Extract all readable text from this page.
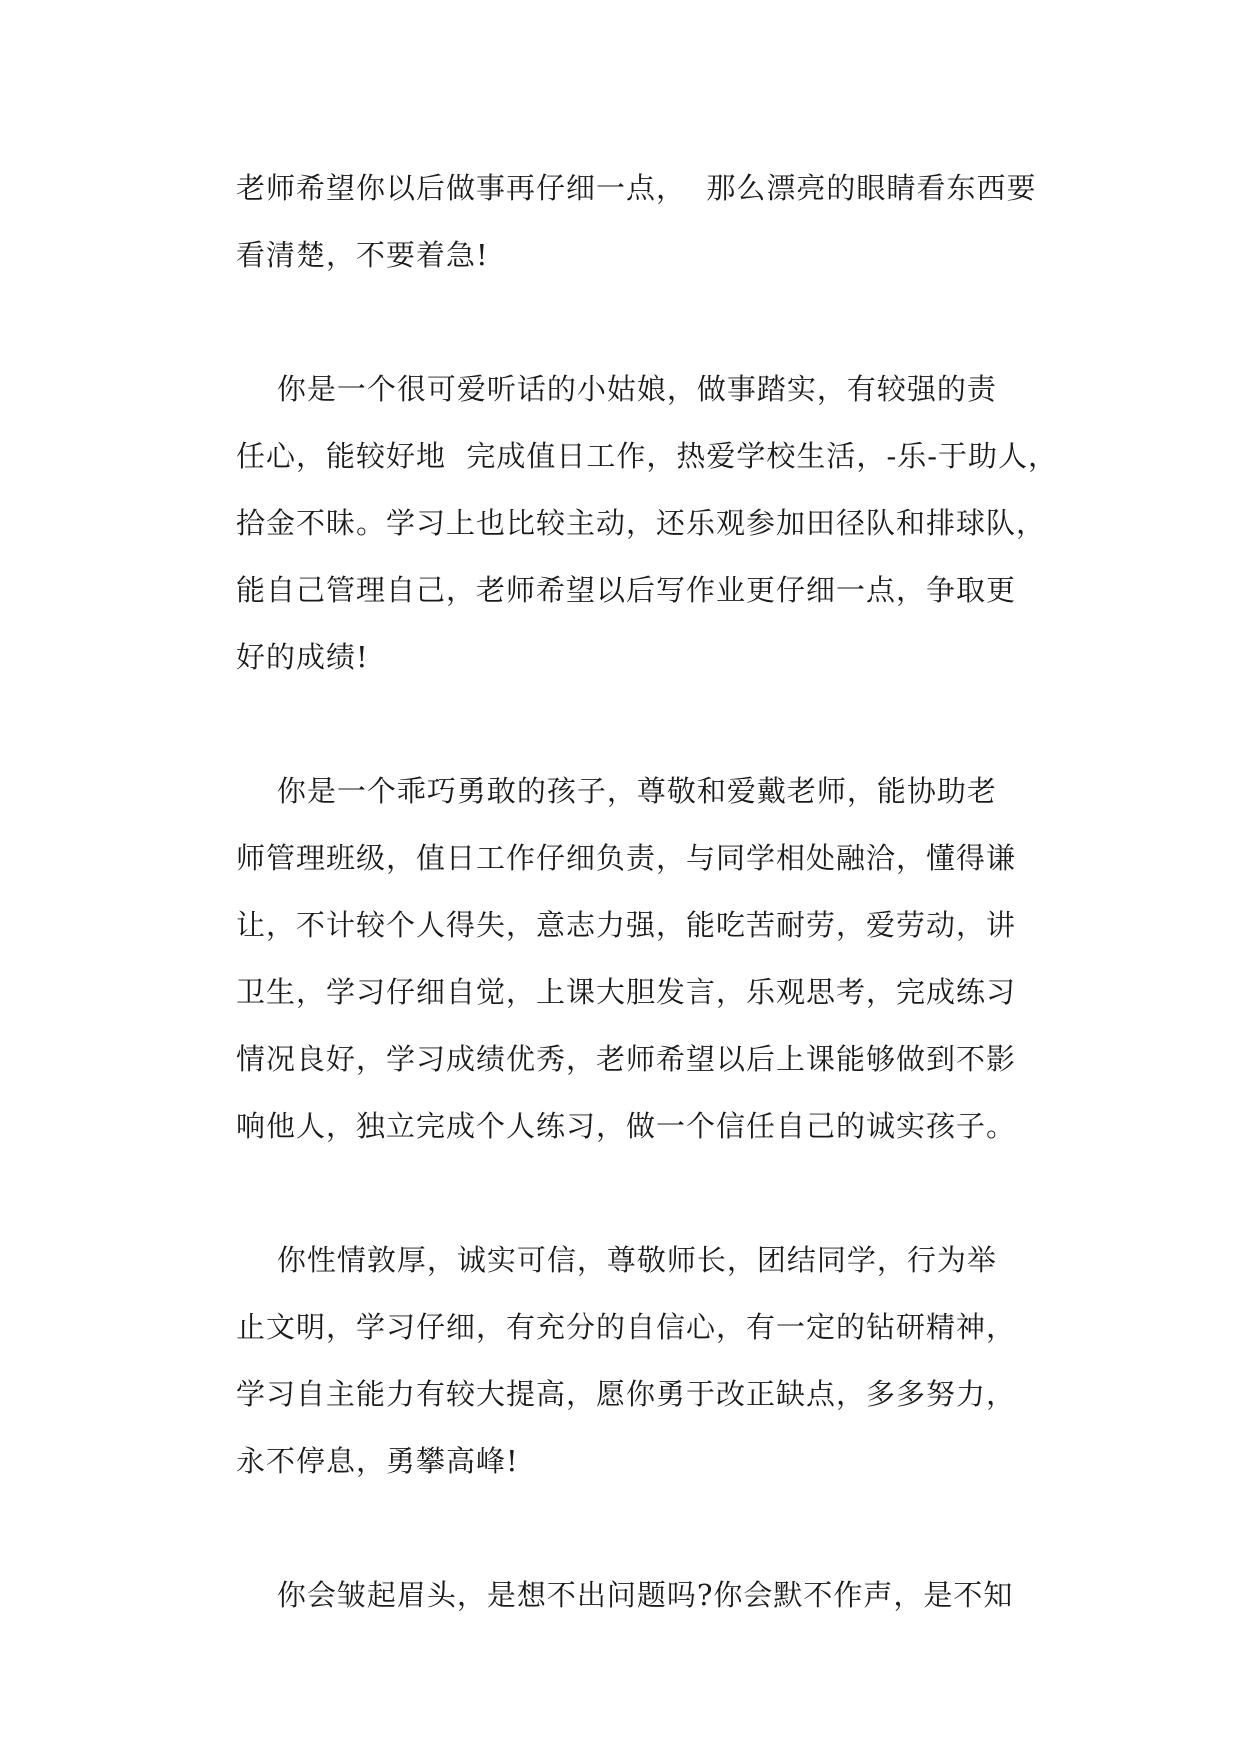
老师希望你以后做事再仔细一点，  那么漂亮的眼睛看东西要
看清楚，不要着急!

你是一个很可爱听话的小姑娘，做事踏实，有较强的责
任心，能较好地  完成值日工作，热爱学校生活，-乐-于助人，
拾金不昧。学习上也比较主动，还乐观参加田径队和排球队，
能自己管理自己，老师希望以后写作业更仔细一点，争取更
好的成绩!

你是一个乖巧勇敢的孩子，尊敬和爱戴老师，能协助老
师管理班级，值日工作仔细负责，与同学相处融洽，懂得谦
让，不计较个人得失，意志力强，能吃苦耐劳，爱劳动，讲
卫生，学习仔细自觉，上课大胆发言，乐观思考，完成练习
情况良好，学习成绩优秀，老师希望以后上课能够做到不影
响他人，独立完成个人练习，做一个信任自己的诚实孩子。

你性情敦厚，诚实可信，尊敬师长，团结同学，行为举
止文明，学习仔细，有充分的自信心，有一定的钻研精神，
学习自主能力有较大提高，愿你勇于改正缺点，多多努力，
永不停息，勇攀高峰!

你会皱起眉头，是想不出问题吗?你会默不作声，是不知
